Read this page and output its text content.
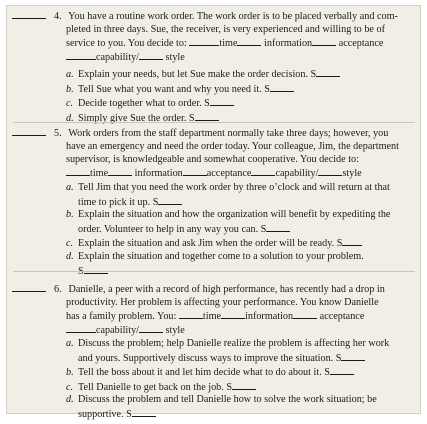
4. You have a routine work order. The work order is to be placed verbally and com-
pleted in three days. Sue, the receiver, is very experienced and willing to be of
service to you. You decide to:	time	information	acceptance
capability/	style
a. Explain your needs, but let Sue make the order decision. S
b. Tell Sue what you want and why you need it. S
c. Decide together what to order. S
d. Simply give Sue the order. S
5. Work orders from the staff department normally take three days; however, you
have an emergency and need the order today. Your colleague, Jim, the department
supervisor, is knowledgeable and somewhat cooperative. You decide to:
time	information acceptance capability/ style
a. Tell Jim that you need the work order by three o’clock and will return at that
time to pick it up. S
b. Explain the situation and how the organization will benefit by expediting the
order. Volunteer to help in any way you can. S
c. Explain the situation and ask Jim when the order will be ready. S
d. Explain the situation and together come to a solution to your problem.
S
6. Danielle, a peer with a record of high performance, has recently had a drop in
productivity. Her problem is affecting your performance. You know Danielle
has a family problem. You:	time information	acceptance
capability/	style
a. Discuss the problem; help Danielle realize the problem is affecting her work
and yours. Supportively discuss ways to improve the situation. S
b. Tell the boss about it and let him decide what to do about it. S
c. Tell Danielle to get back on the job. S
d. Discuss the problem and tell Danielle how to solve the work situation; be
supportive. S
